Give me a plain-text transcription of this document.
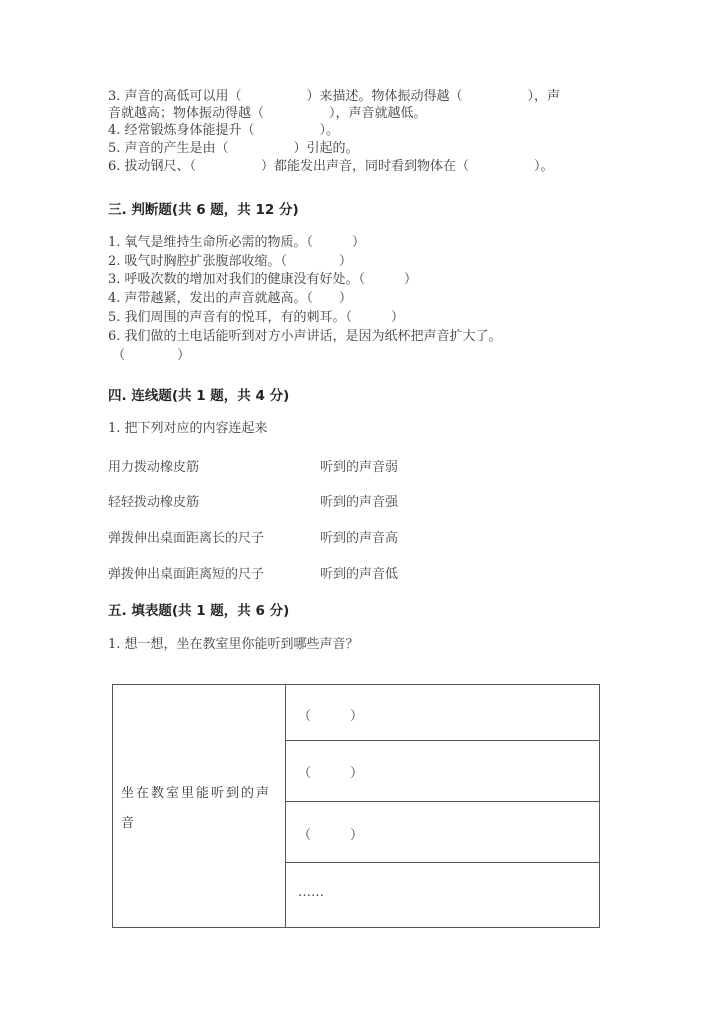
3. 声音的高低可以用（　　　　　）来描述。物体振动得越（　　　　　），声
音就越高；物体振动得越（　　　　　），声音就越低。
4. 经常锻炼身体能提升（　　　　　）。
5. 声音的产生是由（　　　　　）引起的。
6. 拔动钢尺、（　　　　　）都能发出声音，同时看到物体在（　　　　　）。
三. 判断题(共 6 题，共 12 分)
1. 氧气是维持生命所必需的物质。（　　　）
2. 吸气时胸腔扩张腹部收缩。（　　　　）
3. 呼吸次数的增加对我们的健康没有好处。（　　　）
4. 声带越紧，发出的声音就越高。（　　）
5. 我们周围的声音有的悦耳，有的刺耳。（　　　）
6. 我们做的土电话能听到对方小声讲话，是因为纸杯把声音扩大了。
（　　　　）
四. 连线题(共 1 题，共 4 分)
1. 把下列对应的内容连起来
用力拨动橡皮筋	听到的声音弱
轻轻拨动橡皮筋	听到的声音强
弹拨伸出桌面距离长的尺子	听到的声音高
弹拨伸出桌面距离短的尺子	听到的声音低
五. 填表题(共 1 题，共 6 分)
1. 想一想，坐在教室里你能听到哪些声音？
坐在教室里能听到的声音
（　　　）
（　　　）
（　　　）
……
